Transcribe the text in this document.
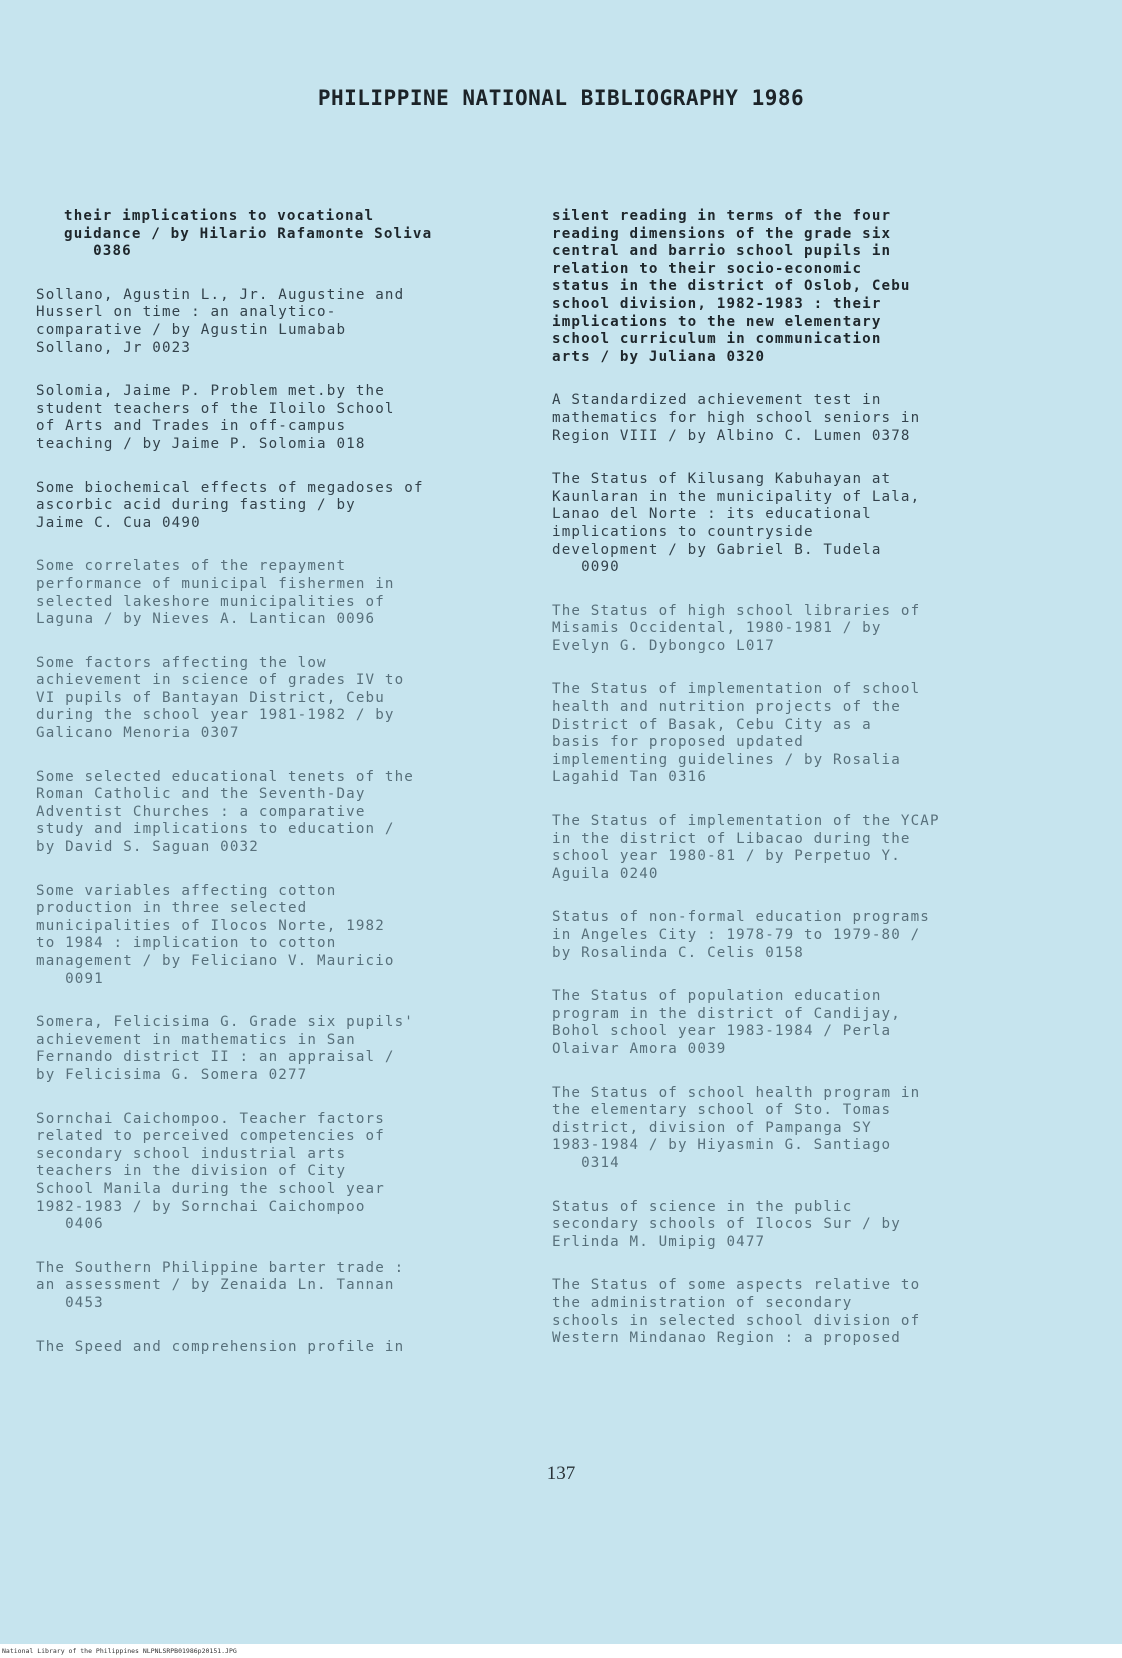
PHILIPPINE NATIONAL BIBLIOGRAPHY 1986
their implications to vocational
guidance / by Hilario Rafamonte Soliva
0386
Sollano, Agustin L., Jr. Augustine and
Husserl on time : an analytico-
comparative / by Agustin Lumabab
Sollano, Jr 0023
Solomia, Jaime P. Problem met.by the
student teachers of the Iloilo School
of Arts and Trades in off-campus
teaching / by Jaime P. Solomia 018
Some biochemical effects of megadoses of
ascorbic acid during fasting / by
Jaime C. Cua 0490
Some correlates of the repayment
performance of municipal fishermen in
selected lakeshore municipalities of
Laguna / by Nieves A. Lantican 0096
Some factors affecting the low
achievement in science of grades IV to
VI pupils of Bantayan District, Cebu
during the school year 1981-1982 / by
Galicano Menoria 0307
Some selected educational tenets of the
Roman Catholic and the Seventh-Day
Adventist Churches : a comparative
study and implications to education /
by David S. Saguan 0032
Some variables affecting cotton
production in three selected
municipalities of Ilocos Norte, 1982
to 1984 : implication to cotton
management / by Feliciano V. Mauricio
0091
Somera, Felicisima G. Grade six pupils'
achievement in mathematics in San
Fernando district II : an appraisal /
by Felicisima G. Somera 0277
Sornchai Caichompoo. Teacher factors
related to perceived competencies of
secondary school industrial arts
teachers in the division of City
School Manila during the school year
1982-1983 / by Sornchai Caichompoo
0406
The Southern Philippine barter trade :
an assessment / by Zenaida Ln. Tannan
0453
The Speed and comprehension profile in
silent reading in terms of the four
reading dimensions of the grade six
central and barrio school pupils in
relation to their socio-economic
status in the district of Oslob, Cebu
school division, 1982-1983 : their
implications to the new elementary
school curriculum in communication
arts / by Juliana 0320
A Standardized achievement test in
mathematics for high school seniors in
Region VIII / by Albino C. Lumen 0378
The Status of Kilusang Kabuhayan at
Kaunlaran in the municipality of Lala,
Lanao del Norte : its educational
implications to countryside
development / by Gabriel B. Tudela
0090
The Status of high school libraries of
Misamis Occidental, 1980-1981 / by
Evelyn G. Dybongco L017
The Status of implementation of school
health and nutrition projects of the
District of Basak, Cebu City as a
basis for proposed updated
implementing guidelines / by Rosalia
Lagahid Tan 0316
The Status of implementation of the YCAP
in the district of Libacao during the
school year 1980-81 / by Perpetuo Y.
Aguila 0240
Status of non-formal education programs
in Angeles City : 1978-79 to 1979-80 /
by Rosalinda C. Celis 0158
The Status of population education
program in the district of Candijay,
Bohol school year 1983-1984 / Perla
Olaivar Amora 0039
The Status of school health program in
the elementary school of Sto. Tomas
district, division of Pampanga SY
1983-1984 / by Hiyasmin G. Santiago
0314
Status of science in the public
secondary schools of Ilocos Sur / by
Erlinda M. Umipig 0477
The Status of some aspects relative to
the administration of secondary
schools in selected school division of
Western Mindanao Region : a proposed
137
National Library of the Philippines NLPNLSRPB01986p20151.JPG
